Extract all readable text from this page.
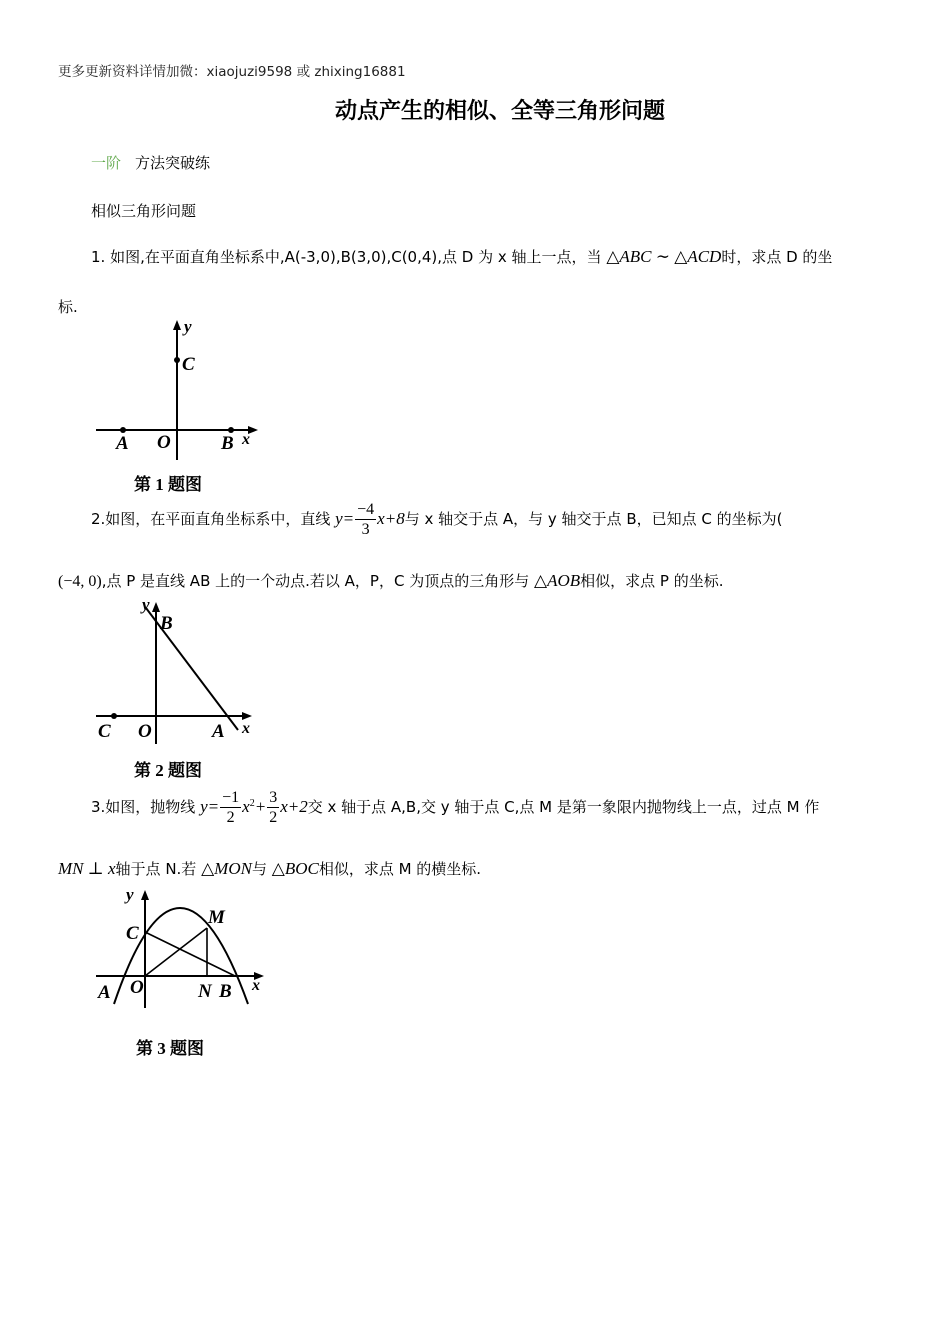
更多更新资料详情加微：xiaojuzi9598 或 zhixing16881
动点产生的相似、全等三角形问题
一阶 方法突破练
相似三角形问题
1. 如图,在平面直角坐标系中,A(-3,0),B(3,0),C(0,4),点 D 为 x 轴上一点，当 △ABC ∼ △ACD时，求点 D 的坐
标.
y
C
A O	B x
第 1 题图
2.如图，在平面直角坐标系中，直线 $y= \frac{-4}{3} x+8$与 x 轴交于点 A，与 y 轴交于点 B，已知点 C 的坐标为(
(−4, 0),点 P 是直线 AB 上的一个动点.若以 A，P，C 为顶点的三角形与 △AOB相似，求点 P 的坐标.
y
B
C O	A x
第 2 题图
3.如图，抛物线 $y= \frac{-1}{2} x^2+ \frac{3}{2} x+2$交 x 轴于点 A,B,交 y 轴于点 C,点 M 是第一象限内抛物线上一点，过点 M 作
MN ⊥ x轴于点 N.若 △MON与 △BOC相似，求点 M 的横坐标.
y
C
M
A O	N B x
第 3 题图
